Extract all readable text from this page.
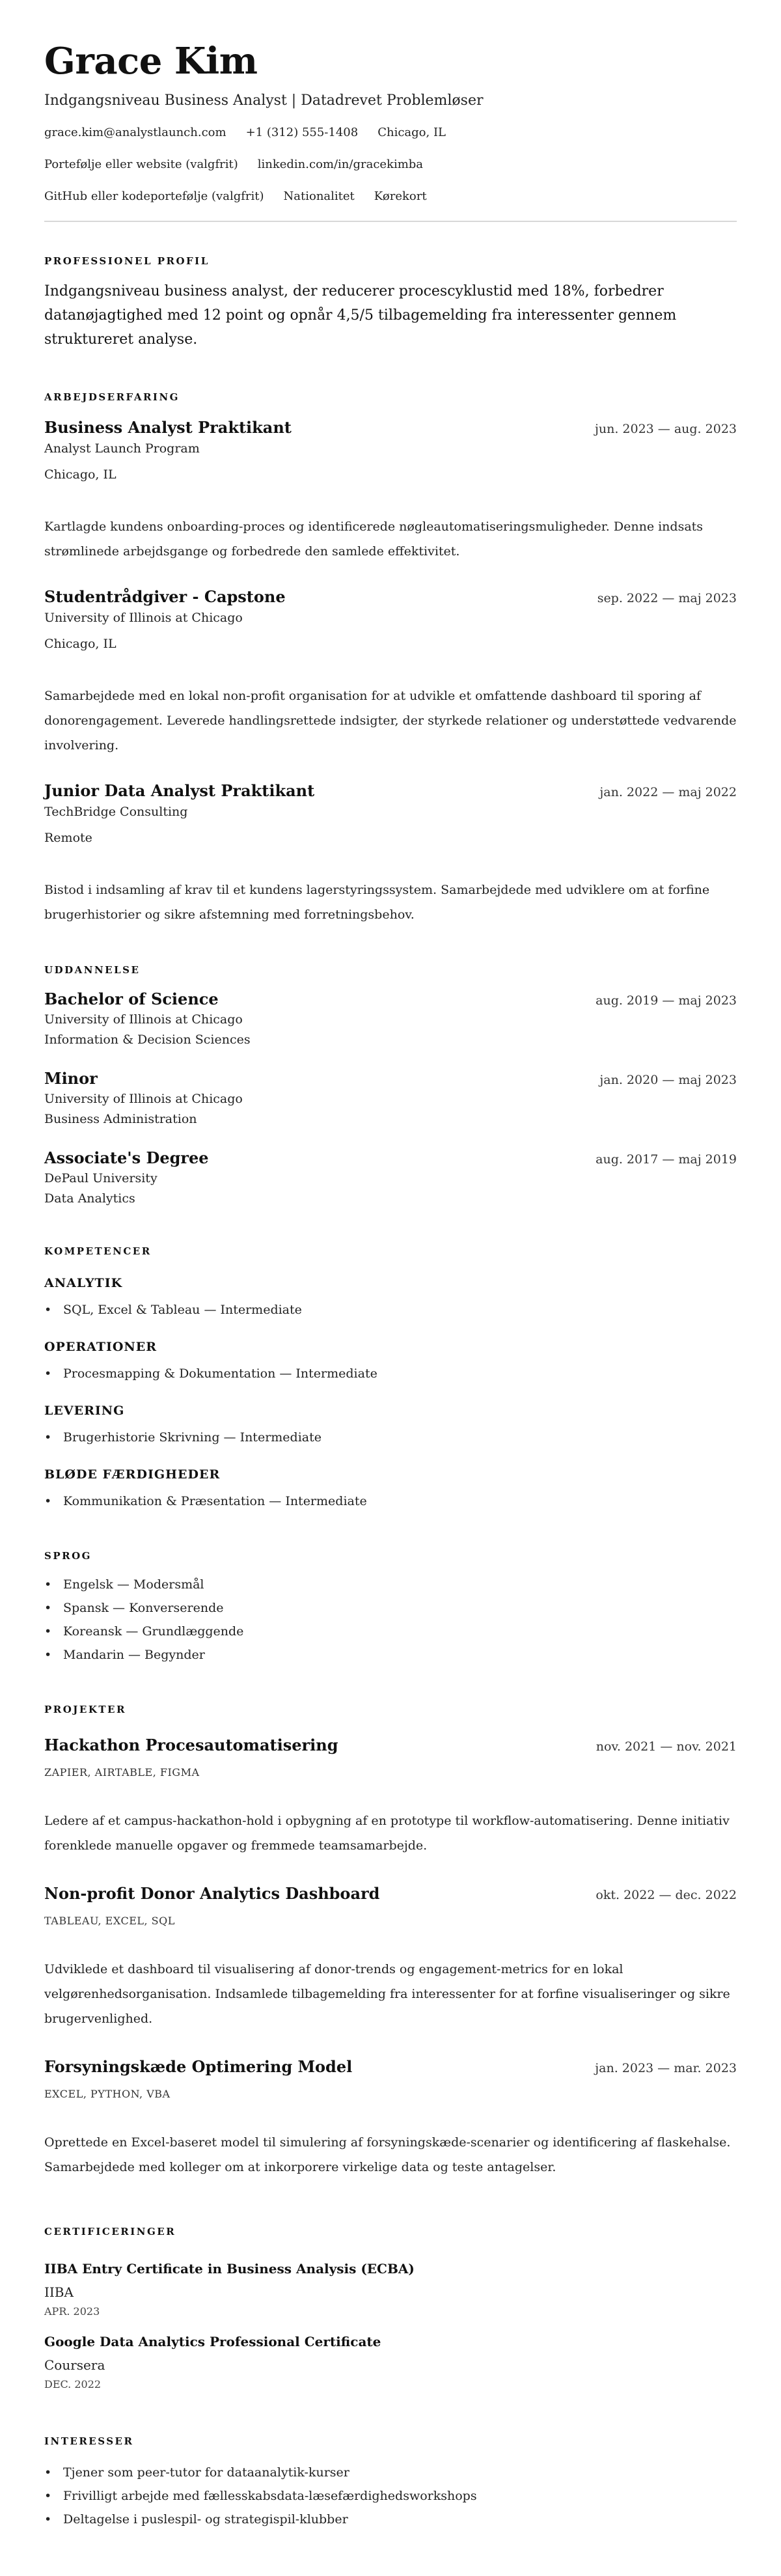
Grace Kim
Indgangsniveau Business Analyst | Datadrevet Problemløser
grace.kim@analystlaunch.com +1 (312) 555-1408 Chicago, IL
Portefølje eller website (valgfrit) linkedin.com/in/gracekimba
GitHub eller kodeportefølje (valgfrit) Nationalitet Kørekort
PROFESSIONEL PROFIL

Indgangsniveau business analyst, der reducerer procescyklustid med 18%, forbedrer datanøjagtighed med 12 point og opnår 4,5/5 tilbagemelding fra interessenter gennem struktureret analyse.

ARBEJDSERFARING
Business Analyst Praktikant	jun. 2023 — aug. 2023
Analyst Launch Program
Chicago, IL

Kartlagde kundens onboarding-proces og identificerede nøgleautomatiseringsmuligheder. Denne indsats strømlinede arbejdsgange og forbedrede den samlede effektivitet.

Studentrådgiver - Capstone	sep. 2022 — maj 2023
University of Illinois at Chicago
Chicago, IL

Samarbejdede med en lokal non-profit organisation for at udvikle et omfattende dashboard til sporing af donorengagement. Leverede handlingsrettede indsigter, der styrkede relationer og understøttede vedvarende involvering.

Junior Data Analyst Praktikant	jan. 2022 — maj 2022
TechBridge Consulting
Remote

Bistod i indsamling af krav til et kundens lagerstyringssystem. Samarbejdede med udviklere om at forfine brugerhistorier og sikre afstemning med forretningsbehov.

UDDANNELSE
Bachelor of Science	aug. 2019 — maj 2023
University of Illinois at Chicago
Information & Decision Sciences
Minor	jan. 2020 — maj 2023
University of Illinois at Chicago
Business Administration
Associate's Degree	aug. 2017 — maj 2019
DePaul University
Data Analytics
KOMPETENCER
ANALYTIK
• SQL, Excel & Tableau — Intermediate
OPERATIONER
• Procesmapping & Dokumentation — Intermediate
LEVERING
• Brugerhistorie Skrivning — Intermediate
BLØDE FÆRDIGHEDER
• Kommunikation & Præsentation — Intermediate
SPROG
• Engelsk — Modersmål
• Spansk — Konverserende
• Koreansk — Grundlæggende
• Mandarin — Begynder
PROJEKTER
Hackathon Procesautomatisering	nov. 2021 — nov. 2021
ZAPIER, AIRTABLE, FIGMA

Ledere af et campus-hackathon-hold i opbygning af en prototype til workflow-automatisering. Denne initiativ forenklede manuelle opgaver og fremmede teamsamarbejde.

Non-profit Donor Analytics Dashboard	okt. 2022 — dec. 2022
TABLEAU, EXCEL, SQL

Udviklede et dashboard til visualisering af donor-trends og engagement-metrics for en lokal velgørenhedsorganisation. Indsamlede tilbagemelding fra interessenter for at forfine visualiseringer og sikre brugervenlighed.

Forsyningskæde Optimering Model	jan. 2023 — mar. 2023
EXCEL, PYTHON, VBA

Oprettede en Excel-baseret model til simulering af forsyningskæde-scenarier og identificering af flaskehalse. Samarbejdede med kolleger om at inkorporere virkelige data og teste antagelser.

CERTIFICERINGER
IIBA Entry Certificate in Business Analysis (ECBA)
IIBA
APR. 2023
Google Data Analytics Professional Certificate
Coursera
DEC. 2022
INTERESSER
• Tjener som peer-tutor for dataanalytik-kurser
• Frivilligt arbejde med fællesskabsdata-læsefærdighedsworkshops
• Deltagelse i puslespil- og strategispil-klubber
